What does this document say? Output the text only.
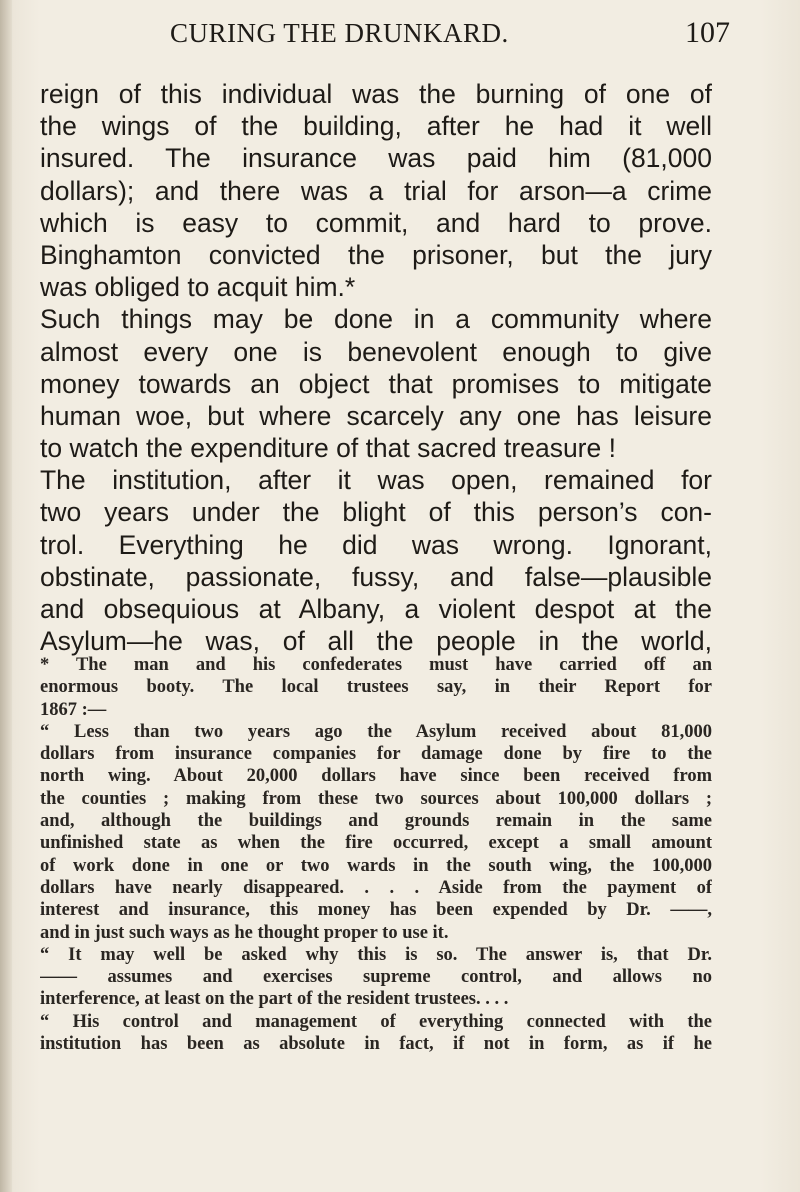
CURING THE DRUNKARD.	107
reign of this individual was the burning of one of
the wings of the building, after he had it well
insured. The insurance was paid him (81,000
dollars); and there was a trial for arson—a crime
which is easy to commit, and hard to prove.
Binghamton convicted the prisoner, but the jury
was obliged to acquit him.*
Such things may be done in a community where
almost every one is benevolent enough to give
money towards an object that promises to mitigate
human woe, but where scarcely any one has leisure
to watch the expenditure of that sacred treasure !
The institution, after it was open, remained for
two years under the blight of this person’s con-
trol. Everything he did was wrong. Ignorant,
obstinate, passionate, fussy, and false—plausible
and obsequious at Albany, a violent despot at the
Asylum—he was, of all the people in the world,
* The man and his confederates must have carried off an
enormous booty. The local trustees say, in their Report for
1867 :—
“ Less than two years ago the Asylum received about 81,000
dollars from insurance companies for damage done by fire to the
north wing. About 20,000 dollars have since been received from
the counties ; making from these two sources about 100,000 dollars ;
and, although the buildings and grounds remain in the same
unfinished state as when the fire occurred, except a small amount
of work done in one or two wards in the south wing, the 100,000
dollars have nearly disappeared. . . . Aside from the payment of
interest and insurance, this money has been expended by Dr. ——,
and in just such ways as he thought proper to use it.
“ It may well be asked why this is so. The answer is, that Dr.
—— assumes and exercises supreme control, and allows no
interference, at least on the part of the resident trustees. . . .
“ His control and management of everything connected with the
institution has been as absolute in fact, if not in form, as if he
